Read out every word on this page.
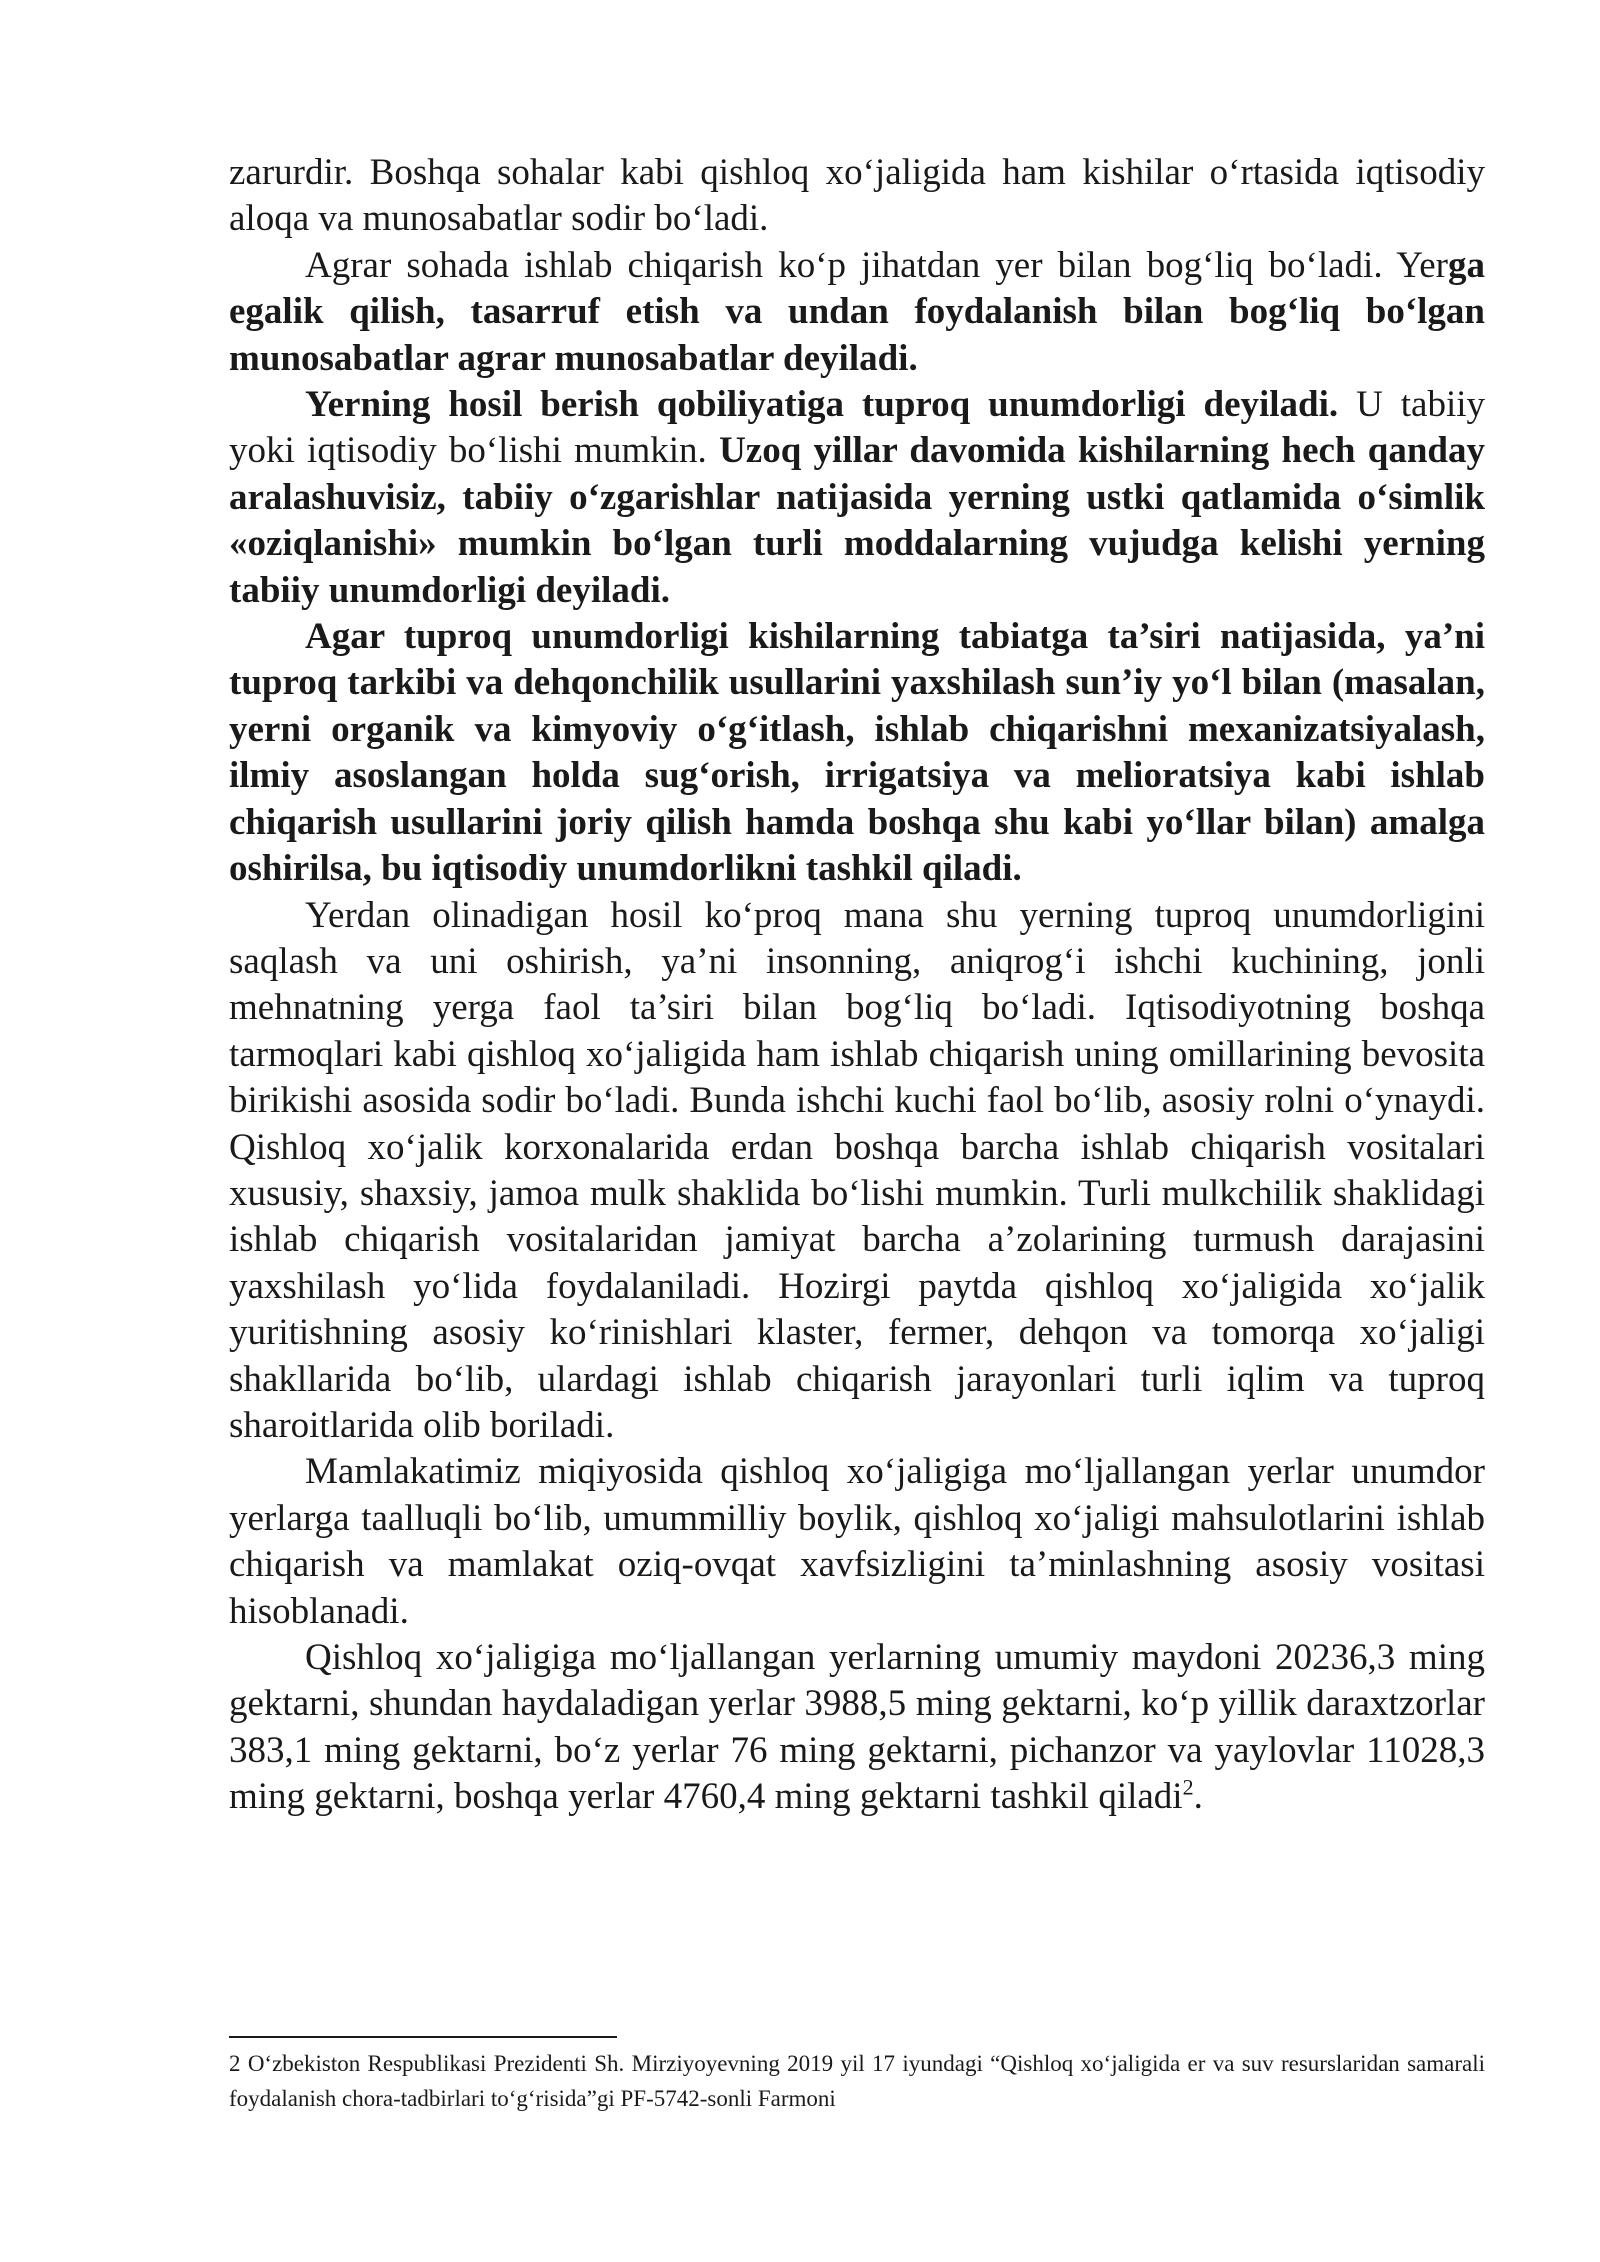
zarurdir. Boshqa sohalar kabi qishloq xo‘jaligida ham kishilar o‘rtasida iqtisodiy aloqa va munosabatlar sodir bo‘ladi.

Agrar sohada ishlab chiqarish ko‘p jihatdan yer bilan bog‘liq bo‘ladi. Yerga egalik qilish, tasarruf etish va undan foydalanish bilan bog‘liq bo‘lgan munosabatlar agrar munosabatlar deyiladi.

Yerning hosil berish qobiliyatiga tuproq unumdorligi deyiladi. U tabiiy yoki iqtisodiy bo‘lishi mumkin. Uzoq yillar davomida kishilarning hech qanday aralashuvisiz, tabiiy o‘zgarishlar natijasida yerning ustki qatlamida o‘simlik «oziqlanishi» mumkin bo‘lgan turli moddalarning vujudga kelishi yerning tabiiy unumdorligi deyiladi.

Agar tuproq unumdorligi kishilarning tabiatga ta’siri natijasida, ya’ni tuproq tarkibi va dehqonchilik usullarini yaxshilash sun’iy yo‘l bilan (masalan, yerni organik va kimyoviy o‘g‘itlash, ishlab chiqarishni mexanizatsiyalash, ilmiy asoslangan holda sug‘orish, irrigatsiya va melioratsiya kabi ishlab chiqarish usullarini joriy qilish hamda boshqa shu kabi yo‘llar bilan) amalga oshirilsa, bu iqtisodiy unumdorlikni tashkil qiladi.

Yerdan olinadigan hosil ko‘proq mana shu yerning tuproq unumdorligini saqlash va uni oshirish, ya’ni insonning, aniqrog‘i ishchi kuchining, jonli mehnatning yerga faol ta’siri bilan bog‘liq bo‘ladi. Iqtisodiyotning boshqa tarmoqlari kabi qishloq xo‘jaligida ham ishlab chiqarish uning omillarining bevosita birikishi asosida sodir bo‘ladi. Bunda ishchi kuchi faol bo‘lib, asosiy rolni o‘ynaydi. Qishloq xo‘jalik korxonalarida erdan boshqa barcha ishlab chiqarish vositalari xususiy, shaxsiy, jamoa mulk shaklida bo‘lishi mumkin. Turli mulkchilik shaklidagi ishlab chiqarish vositalaridan jamiyat barcha a’zolarining turmush darajasini yaxshilash yo‘lida foydalaniladi. Hozirgi paytda qishloq xo‘jaligida xo‘jalik yuritishning asosiy ko‘rinishlari klaster, fermer, dehqon va tomorqa xo‘jaligi shakllarida bo‘lib, ulardagi ishlab chiqarish jarayonlari turli iqlim va tuproq sharoitlarida olib boriladi.

Mamlakatimiz miqiyosida qishloq xo‘jaligiga mo‘ljallangan yerlar unumdor yerlarga taalluqli bo‘lib, umummilliy boylik, qishloq xo‘jaligi mahsulotlarini ishlab chiqarish va mamlakat oziq-ovqat xavfsizligini ta’minlashning asosiy vositasi hisoblanadi.

Qishloq xo‘jaligiga mo‘ljallangan yerlarning umumiy maydoni 20236,3 ming gektarni, shundan haydaladigan yerlar 3988,5 ming gektarni, ko‘p yillik daraxtzorlar 383,1 ming gektarni, bo‘z yerlar 76 ming gektarni, pichanzor va yaylovlar 11028,3 ming gektarni, boshqa yerlar 4760,4 ming gektarni tashkil qiladi$^2$.

2 O‘zbekiston Respublikasi Prezidenti Sh. Mirziyoyevning 2019 yil 17 iyundagi “Qishloq xo‘jaligida er va suv resurslaridan samarali foydalanish chora-tadbirlari to‘g‘risida”gi PF-5742-sonli Farmoni
